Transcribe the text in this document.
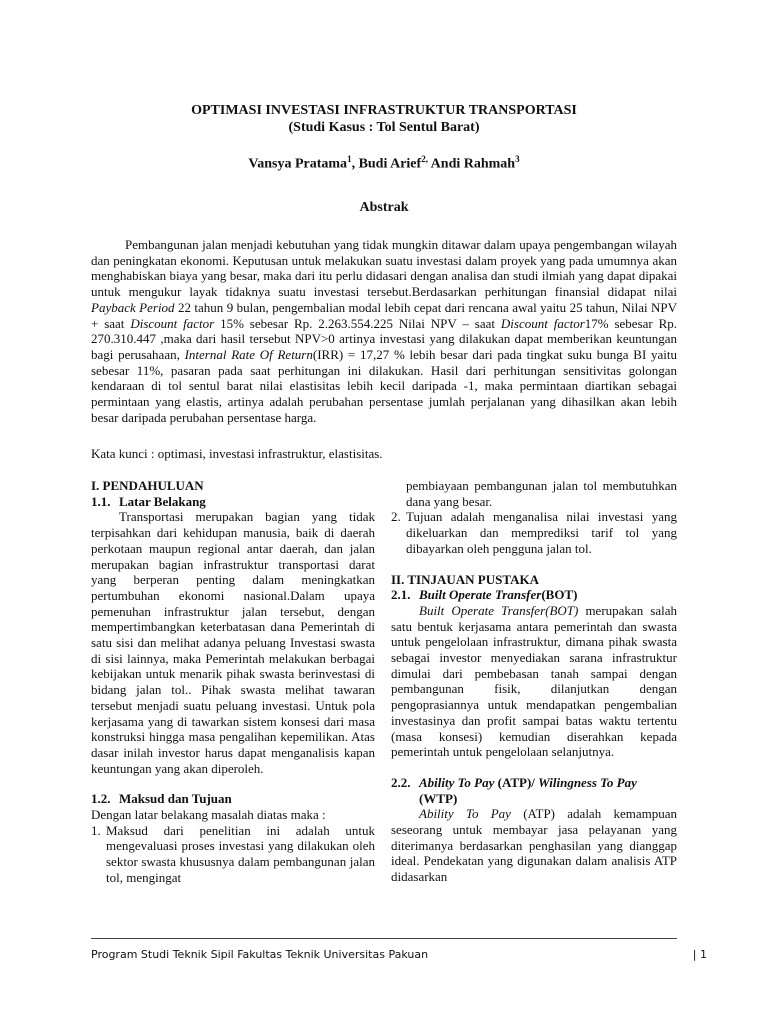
OPTIMASI INVESTASI INFRASTRUKTUR TRANSPORTASI
(Studi Kasus : Tol Sentul Barat)
Vansya Pratama$^1$, Budi Arief$^{2,}$ Andi Rahmah$^3$
Abstrak

Pembangunan jalan menjadi kebutuhan yang tidak mungkin ditawar dalam upaya pengembangan wilayah dan peningkatan ekonomi. Keputusan untuk melakukan suatu investasi dalam proyek yang pada umumnya akan menghabiskan biaya yang besar, maka dari itu perlu didasari dengan analisa dan studi ilmiah yang dapat dipakai untuk mengukur layak tidaknya suatu investasi tersebut.Berdasarkan perhitungan finansial didapat nilai Payback Period 22 tahun 9 bulan, pengembalian modal lebih cepat dari rencana awal yaitu 25 tahun, Nilai NPV + saat Discount factor 15% sebesar Rp. 2.263.554.225 Nilai NPV – saat Discount factor17% sebesar Rp. 270.310.447 ,maka dari hasil tersebut NPV>0 artinya investasi yang dilakukan dapat memberikan keuntungan bagi perusahaan, Internal Rate Of Return(IRR) = 17,27 % lebih besar dari pada tingkat suku bunga BI yaitu sebesar 11%, pasaran pada saat perhitungan ini dilakukan. Hasil dari perhitungan sensitivitas golongan kendaraan di tol sentul barat nilai elastisitas lebih kecil daripada -1, maka permintaan diartikan sebagai permintaan yang elastis, artinya adalah perubahan persentase jumlah perjalanan yang dihasilkan akan lebih besar daripada perubahan persentase harga.

Kata kunci : optimasi, investasi infrastruktur, elastisitas.

I. PENDAHULUAN

1.1. Latar Belakang

Transportasi merupakan bagian yang tidak terpisahkan dari kehidupan manusia, baik di daerah perkotaan maupun regional antar daerah, dan jalan merupakan bagian infrastruktur transportasi darat yang berperan penting dalam meningkatkan pertumbuhan ekonomi nasional.Dalam upaya pemenuhan infrastruktur jalan tersebut, dengan mempertimbangkan keterbatasan dana Pemerintah di satu sisi dan melihat adanya peluang Investasi swasta di sisi lainnya, maka Pemerintah melakukan berbagai kebijakan untuk menarik pihak swasta berinvestasi di bidang jalan tol.. Pihak swasta melihat tawaran tersebut menjadi suatu peluang investasi. Untuk pola kerjasama yang di tawarkan sistem konsesi dari masa konstruksi hingga masa pengalihan kepemilikan. Atas dasar inilah investor harus dapat menganalisis kapan keuntungan yang akan diperoleh.

1.2. Maksud dan Tujuan

Dengan latar belakang masalah diatas maka :

1. Maksud dari penelitian ini adalah untuk mengevaluasi proses investasi yang dilakukan oleh sektor swasta khususnya dalam pembangunan jalan tol, mengingat

pembiayaan pembangunan jalan tol membutuhkan dana yang besar.

2. Tujuan adalah menganalisa nilai investasi yang dikeluarkan dan memprediksi tarif tol yang dibayarkan oleh pengguna jalan tol.

II. TINJAUAN PUSTAKA

2.1. Built Operate Transfer(BOT)

Built Operate Transfer(BOT) merupakan salah satu bentuk kerjasama antara pemerintah dan swasta untuk pengelolaan infrastruktur, dimana pihak swasta sebagai investor menyediakan sarana infrastruktur dimulai dari pembebasan tanah sampai dengan pembangunan fisik, dilanjutkan dengan pengoprasiannya untuk mendapatkan pengembalian investasinya dan profit sampai batas waktu tertentu (masa konsesi) kemudian diserahkan kepada pemerintah untuk pengelolaan selanjutnya.

2.2. Ability To Pay (ATP)/ Wilingness To Pay (WTP)

Ability To Pay (ATP) adalah kemampuan seseorang untuk membayar jasa pelayanan yang diterimanya berdasarkan penghasilan yang dianggap ideal. Pendekatan yang digunakan dalam analisis ATP didasarkan

Program Studi Teknik Sipil Fakultas Teknik Universitas Pakuan	| 1
